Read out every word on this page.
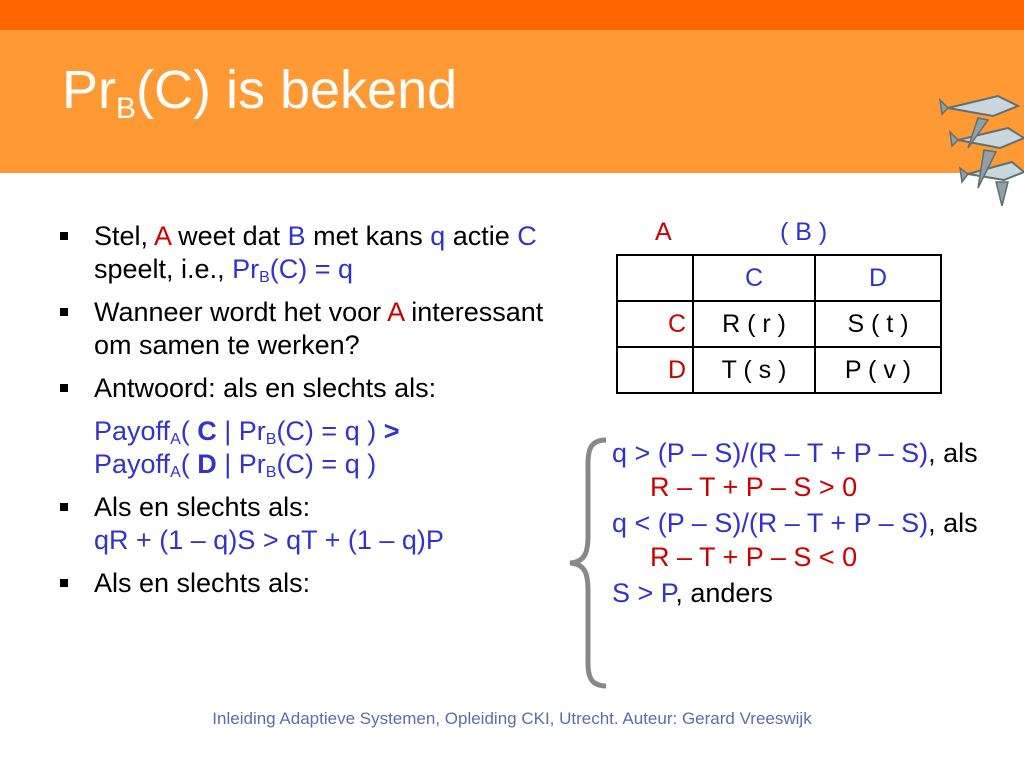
$Pr_B(C)$ is bekend
Stel, A weet dat B met kans q actie C speelt, i.e., $Pr_B(C) = q$
Wanneer wordt het voor A interessant om samen te werken?
Antwoord: als en slechts als:
Payoff$_A$( C | $Pr_B(C) = q$ ) >
Payoff$_A$( D | $Pr_B(C) = q$ )
Als en slechts als:
qR + (1 – q)S > qT + (1 – q)P
Als en slechts als:
A	( B )
	C	D
C	R ( r )	S ( t )
D	T ( s )	P ( v )
q > (P – S)/(R – T + P – S), als R – T + P – S > 0
q < (P – S)/(R – T + P – S), als R – T + P – S < 0
S > P, anders
Inleiding Adaptieve Systemen, Opleiding CKI, Utrecht. Auteur: Gerard Vreeswijk
